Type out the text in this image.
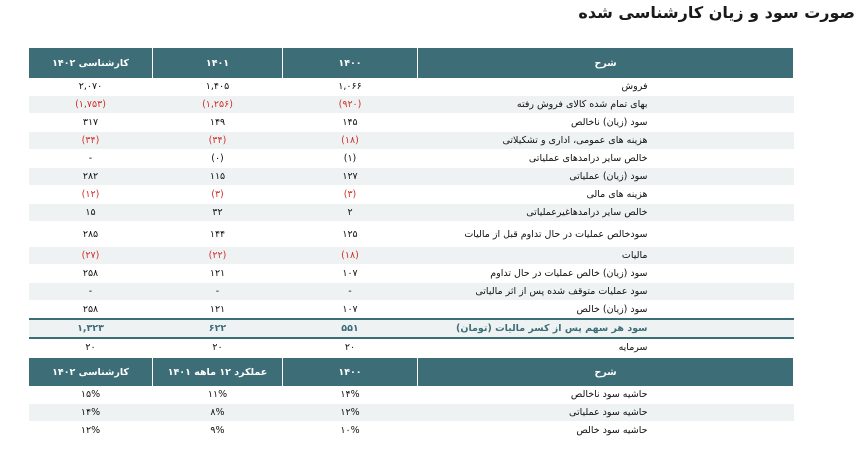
صورت سود و زیان کارشناسی شده
شرح	۱۴۰۰	۱۴۰۱	کارشناسی ۱۴۰۲
فروش	۱,۰۶۶	۱,۴۰۵	۲,۰۷۰
بهای تمام شده کالای فروش رفته	(۹۲۰)	(۱,۲۵۶)	(۱,۷۵۳)
سود (زیان) ناخالص	۱۴۵	۱۴۹	۳۱۷
هزینه های عمومی، اداری و تشکیلاتی	(۱۸)	(۳۴)	(۳۴)
خالص سایر درامدهای عملیاتی	(۱)	(۰)	-
سود (زیان) عملیاتی	۱۲۷	۱۱۵	۲۸۲
هزینه های مالی	(۳)	(۳)	(۱۲)
خالص سایر درامدهاغیرعملیاتی	۲	۳۲	۱۵
سودخالص عملیات در حال تداوم قبل از مالیات	۱۲۵	۱۴۴	۲۸۵
مالیات	(۱۸)	(۲۲)	(۲۷)
سود (زیان) خالص عملیات در حال تداوم	۱۰۷	۱۲۱	۲۵۸
سود عملیات متوقف شده پس از اثر مالیاتی	-	-	-
سود (زیان) خالص	۱۰۷	۱۲۱	۲۵۸
سود هر سهم پس از کسر مالیات (تومان)	۵۵۱	۶۲۲	۱,۳۲۳
سرمایه	۲۰	۲۰	۲۰
شرح	۱۴۰۰	عملکرد ۱۲ ماهه ۱۴۰۱	کارشناسی ۱۴۰۲
حاشیه سود ناخالص	۱۴%	۱۱%	۱۵%
حاشیه سود عملیاتی	۱۲%	۸%	۱۴%
حاشیه سود خالص	۱۰%	۹%	۱۲%
